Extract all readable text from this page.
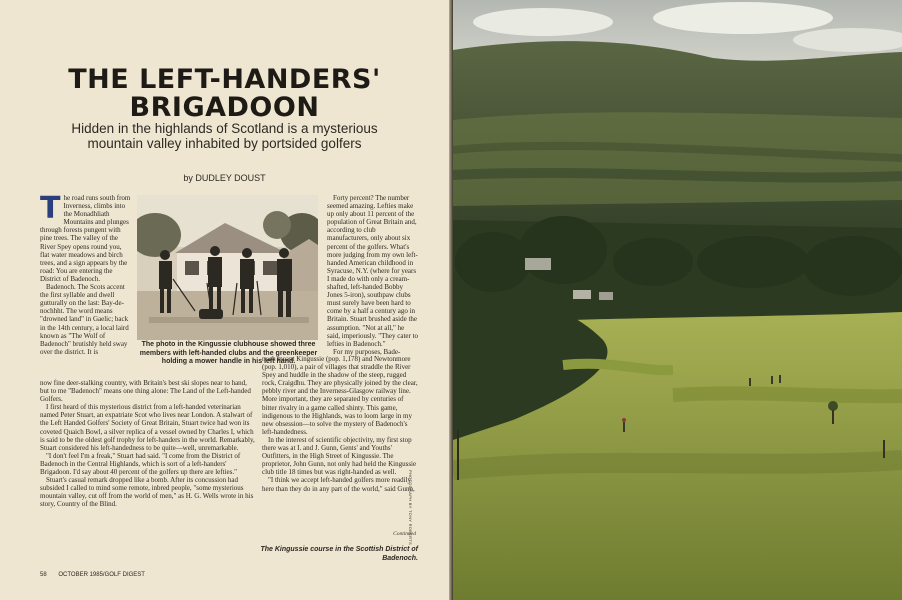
THE LEFT-HANDERS'
BRIGADOON
Hidden in the highlands of Scotland is a mysterious mountain valley inhabited by portsided golfers
by DUDLEY DOUST

The road runs south from Inverness, climbs into the Monadhliath Mountains and plunges through forests pungent with pine trees. The valley of the River Spey opens round you, flat water meadows and birch trees, and a sign appears by the road: You are entering the District of Badenoch.

Badenoch. The Scots accent the first syllable and dwell gutturally on the last: Bay-de-nochhht. The word means "drowned land" in Gaelic; back in the 14th century, a local laird known as "The Wolf of Badenoch" brutishly held sway over the district. It is

The photo in the Kingussie clubhouse showed three members with left-handed clubs and the greenkeeper holding a mower handle in his left hand.

Forty percent? The number seemed amazing. Lefties make up only about 11 percent of the population of Great Britain and, according to club manufacturers, only about six percent of the golfers. What's more judging from my own left-handed American childhood in Syracuse, N.Y. (where for years I made do with only a cream-shafted, left-handed Bobby Jones 5-iron), southpaw clubs must surely have been hard to come by a half a century ago in Britain. Stuart brushed aside the assumption. "Not at all," he said, imperiously. "They cater to lefties in Badenoch."

For my purposes, Bade-

now fine deer-stalking country, with Britain's best ski slopes near to hand, but to me "Badenoch" means one thing alone: The Land of the Left-handed Golfers.

I first heard of this mysterious district from a left-handed veterinarian named Peter Stuart, an expatriate Scot who lives near London. A stalwart of the Left Handed Golfers' Society of Great Britain, Stuart twice had won its coveted Quaich Bowl, a silver replica of a vessel owned by Charles I, which is said to be the oldest golf trophy for left-handers in the world. Remarkably, Stuart considered his left-handedness to be quite—well, unremarkable.

"I don't feel I'm a freak," Stuart had said. "I come from the District of Badenoch in the Central Highlands, which is sort of a left-handers' Brigadoon. I'd say about 40 percent of the golfers up there are lefties."

Stuart's casual remark dropped like a bomb. After its concussion had subsided I called to mind some remote, inbred people, "some mysterious mountain valley, cut off from the world of men," as H. G. Wells wrote in his story, Country of the Blind.

noch meant Kingussie (pop. 1,178) and Newtonmore (pop. 1,010), a pair of villages that straddle the River Spey and huddle in the shadow of the steep, rugged rock, Craigdhu. They are physically joined by the clear, pebbly river and the Inverness-Glasgow railway line. More important, they are separated by centuries of bitter rivalry in a game called shinty. This game, indigenous to the Highlands, was to loom large in my new obsession—to solve the mystery of Badenoch's left-handedness.

In the interest of scientific objectivity, my first stop there was at I. and J. Gunn, Gents' and Youths' Outfitters, in the High Street of Kingussie. The proprietor, John Gunn, not only had held the Kingussie club title 18 times but was right-handed as well.

"I think we accept left-handed golfers more readily here than they do in any part of the world," said Gunn,

Continued
PHOTOGRAPH BY TONY ROBERTS
The Kingussie course in the Scottish District of Badenoch.
58 OCTOBER 1985/GOLF DIGEST
